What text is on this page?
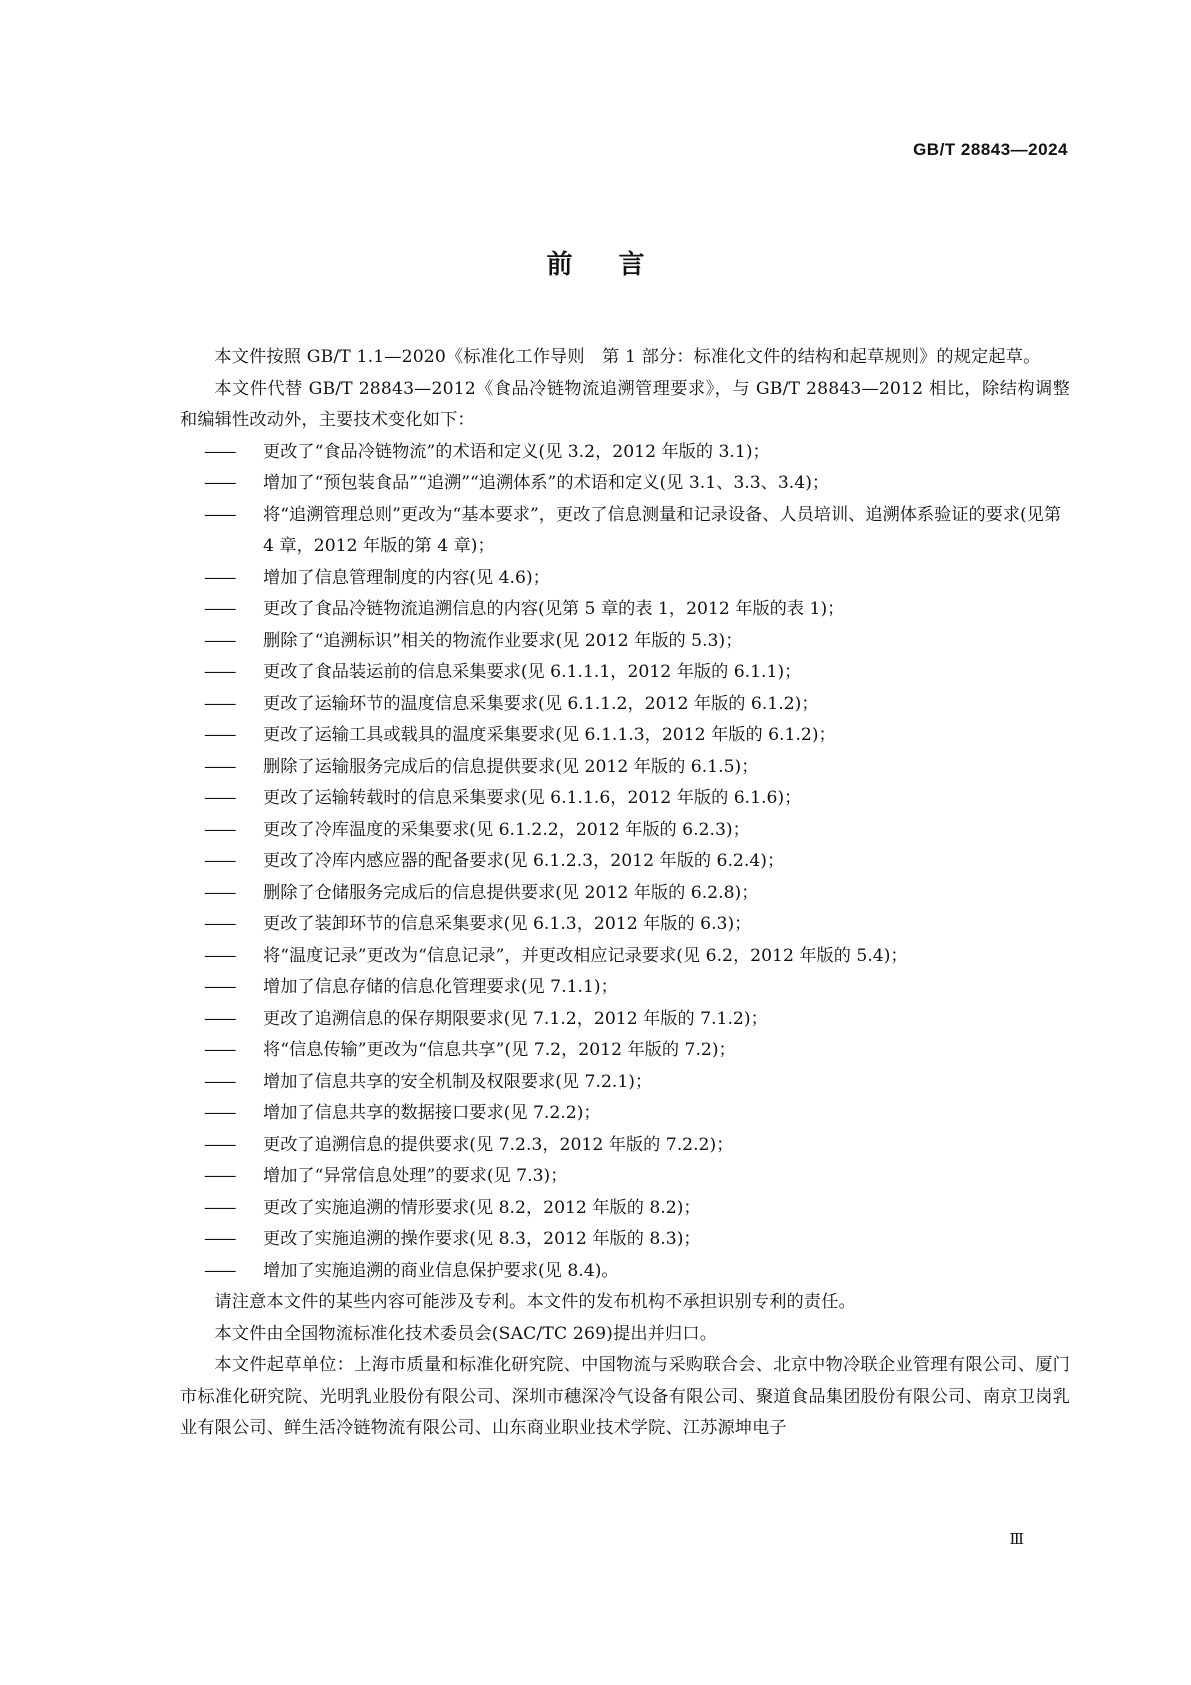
GB/T 28843—2024
前言

本文件按照 GB/T 1.1—2020《标准化工作导则　第 1 部分：标准化文件的结构和起草规则》的规定起草。

本文件代替 GB/T 28843—2012《食品冷链物流追溯管理要求》，与 GB/T 28843—2012 相比，除结构调整和编辑性改动外，主要技术变化如下：

——	更改了“食品冷链物流”的术语和定义(见 3.2，2012 年版的 3.1)；
——	增加了“预包装食品”“追溯”“追溯体系”的术语和定义(见 3.1、3.3、3.4)；
——	将“追溯管理总则”更改为“基本要求”，更改了信息测量和记录设备、人员培训、追溯体系验证的要求(见第 4 章，2012 年版的第 4 章)；
——	增加了信息管理制度的内容(见 4.6)；
——	更改了食品冷链物流追溯信息的内容(见第 5 章的表 1，2012 年版的表 1)；
——	删除了“追溯标识”相关的物流作业要求(见 2012 年版的 5.3)；
——	更改了食品装运前的信息采集要求(见 6.1.1.1，2012 年版的 6.1.1)；
——	更改了运输环节的温度信息采集要求(见 6.1.1.2，2012 年版的 6.1.2)；
——	更改了运输工具或载具的温度采集要求(见 6.1.1.3，2012 年版的 6.1.2)；
——	删除了运输服务完成后的信息提供要求(见 2012 年版的 6.1.5)；
——	更改了运输转载时的信息采集要求(见 6.1.1.6，2012 年版的 6.1.6)；
——	更改了冷库温度的采集要求(见 6.1.2.2，2012 年版的 6.2.3)；
——	更改了冷库内感应器的配备要求(见 6.1.2.3，2012 年版的 6.2.4)；
——	删除了仓储服务完成后的信息提供要求(见 2012 年版的 6.2.8)；
——	更改了装卸环节的信息采集要求(见 6.1.3，2012 年版的 6.3)；
——	将“温度记录”更改为“信息记录”，并更改相应记录要求(见 6.2，2012 年版的 5.4)；
——	增加了信息存储的信息化管理要求(见 7.1.1)；
——	更改了追溯信息的保存期限要求(见 7.1.2，2012 年版的 7.1.2)；
——	将“信息传输”更改为“信息共享”(见 7.2，2012 年版的 7.2)；
——	增加了信息共享的安全机制及权限要求(见 7.2.1)；
——	增加了信息共享的数据接口要求(见 7.2.2)；
——	更改了追溯信息的提供要求(见 7.2.3，2012 年版的 7.2.2)；
——	增加了“异常信息处理”的要求(见 7.3)；
——	更改了实施追溯的情形要求(见 8.2，2012 年版的 8.2)；
——	更改了实施追溯的操作要求(见 8.3，2012 年版的 8.3)；
——	增加了实施追溯的商业信息保护要求(见 8.4)。

请注意本文件的某些内容可能涉及专利。本文件的发布机构不承担识别专利的责任。

本文件由全国物流标准化技术委员会(SAC/TC 269)提出并归口。

本文件起草单位：上海市质量和标准化研究院、中国物流与采购联合会、北京中物冷联企业管理有限公司、厦门市标准化研究院、光明乳业股份有限公司、深圳市穗深冷气设备有限公司、聚道食品集团股份有限公司、南京卫岗乳业有限公司、鲜生活冷链物流有限公司、山东商业职业技术学院、江苏源坤电子

Ⅲ
